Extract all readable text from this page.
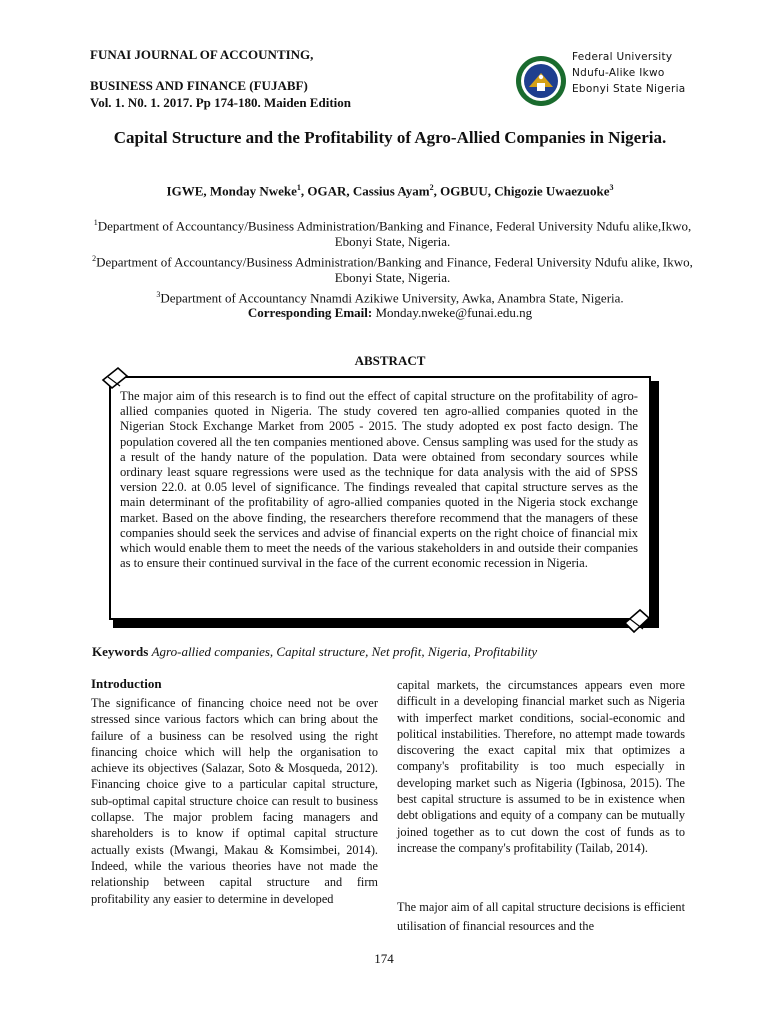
FUNAI JOURNAL OF ACCOUNTING,
BUSINESS AND FINANCE (FUJABF)
Vol. 1. N0. 1. 2017. Pp 174-180. Maiden Edition
Federal University
Ndufu-Alike Ikwo
Ebonyi State Nigeria
Capital Structure and the Profitability of Agro-Allied Companies in Nigeria.
IGWE, Monday Nweke$^1$, OGAR, Cassius Ayam$^2$, OGBUU, Chigozie Uwaezuoke$^3$
$^1$Department of Accountancy/Business Administration/Banking and Finance, Federal University Ndufu alike,Ikwo, Ebonyi State, Nigeria.
$^2$Department of Accountancy/Business Administration/Banking and Finance, Federal University Ndufu alike, Ikwo, Ebonyi State, Nigeria.
$^3$Department of Accountancy Nnamdi Azikiwe University, Awka, Anambra State, Nigeria.
Corresponding Email: Monday.nweke@funai.edu.ng
ABSTRACT
The major aim of this research is to find out the effect of capital structure on the profitability of agro-allied companies quoted in Nigeria. The study covered ten agro-allied companies quoted in the Nigerian Stock Exchange Market from 2005 - 2015. The study adopted ex post facto design. The population covered all the ten companies mentioned above. Census sampling was used for the study as a result of the handy nature of the population. Data were obtained from secondary sources while ordinary least square regressions were used as the technique for data analysis with the aid of SPSS version 22.0. at 0.05 level of significance. The findings revealed that capital structure serves as the main determinant of the profitability of agro-allied companies quoted in the Nigeria stock exchange market. Based on the above finding, the researchers therefore recommend that the managers of these companies should seek the services and advise of financial experts on the right choice of financial mix which would enable them to meet the needs of the various stakeholders in and outside their companies as to ensure their continued survival in the face of the current economic recession in Nigeria.
Keywords Agro-allied companies, Capital structure, Net profit, Nigeria, Profitability
Introduction
The significance of financing choice need not be over stressed since various factors which can bring about the failure of a business can be resolved using the right financing choice which will help the organisation to achieve its objectives (Salazar, Soto & Mosqueda, 2012). Financing choice give to a particular capital structure, sub-optimal capital structure choice can result to business collapse. The major problem facing managers and shareholders is to know if optimal capital structure actually exists (Mwangi, Makau & Komsimbei, 2014). Indeed, while the various theories have not made the relationship between capital structure and firm profitability any easier to determine in developed
capital markets, the circumstances appears even more difficult in a developing financial market such as Nigeria with imperfect market conditions, social-economic and political instabilities. Therefore, no attempt made towards discovering the exact capital mix that optimizes a company's profitability is too much especially in developing market such as Nigeria (Igbinosa, 2015). The best capital structure is assumed to be in existence when debt obligations and equity of a company can be mutually joined together as to cut down the cost of funds as to increase the company's profitability (Tailab, 2014).
The major aim of all capital structure decisions is efficient utilisation of financial resources and the
174
